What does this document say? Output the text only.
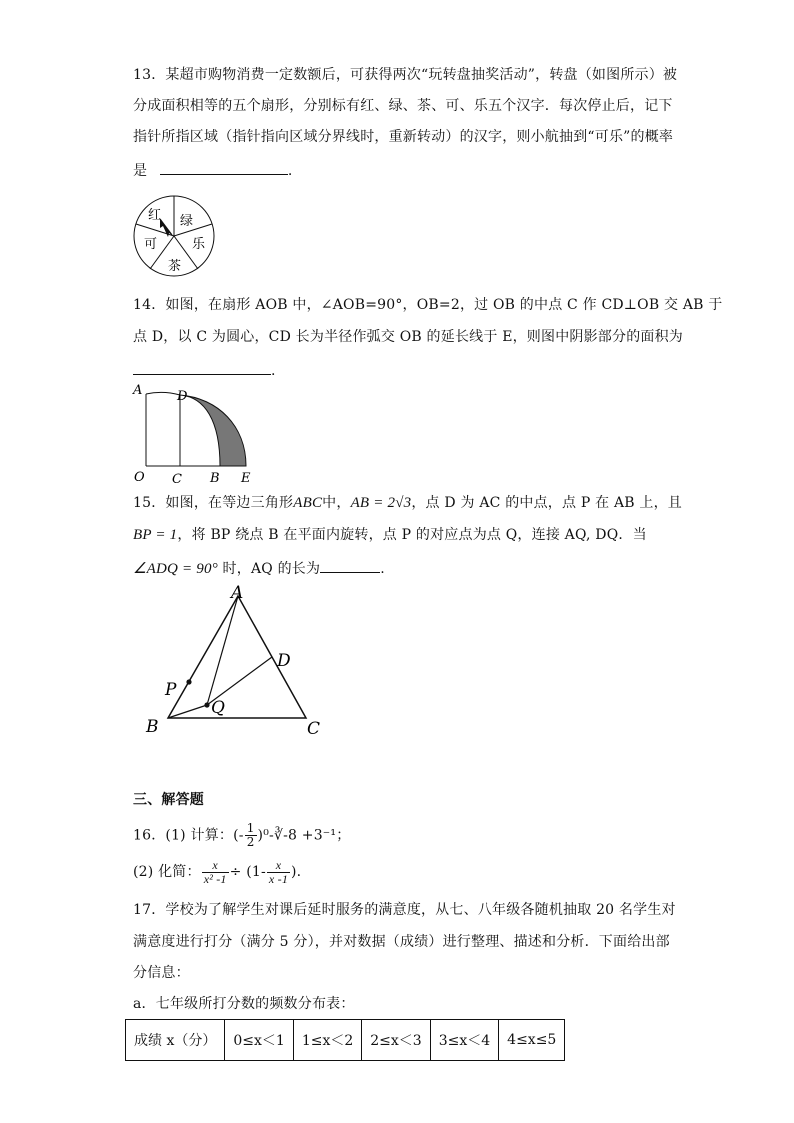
13．某超市购物消费一定数额后，可获得两次“玩转盘抽奖活动”，转盘（如图所示）被
分成面积相等的五个扇形，分别标有红、绿、茶、可、乐五个汉字．每次停止后，记下
指针所指区域（指针指向区域分界线时，重新转动）的汉字，则小航抽到“可乐”的概率
是	.
红 绿
可	乐
茶
14．如图，在扇形 AOB 中，∠AOB=90°，OB=2，过 OB 的中点 C 作 CD⊥OB 交 AB 于
点 D，以 C 为圆心，CD 长为半径作弧交 OB 的延长线于 E，则图中阴影部分的面积为
.
A	D
O C B E
15．如图，在等边三角形ABC中，AB = 2√3，点 D 为 AC 的中点，点 P 在 AB 上，且
BP = 1，将 BP 绕点 B 在平面内旋转，点 P 的对应点为点 Q，连接 AQ, DQ．当
∠ADQ = 90° 时，AQ 的长为	.
A
B	C
D
P
Q
三、解答题
16．(1) 计算：(- $\frac{1}{2}$ )⁰-∛-8 +3⁻¹；
(2) 化简： $\frac{x}{\text{x² -1}} \div (1- \frac{x}{x -1}$ ).
17．学校为了解学生对课后延时服务的满意度，从七、八年级各随机抽取 20 名学生对
满意度进行打分（满分 5 分），并对数据（成绩）进行整理、描述和分析．下面给出部
分信息：
a．七年级所打分数的频数分布表：
成绩 x（分）	0≤x＜1	1≤x＜2	2≤x＜3	3≤x＜4	4≤x≤5
